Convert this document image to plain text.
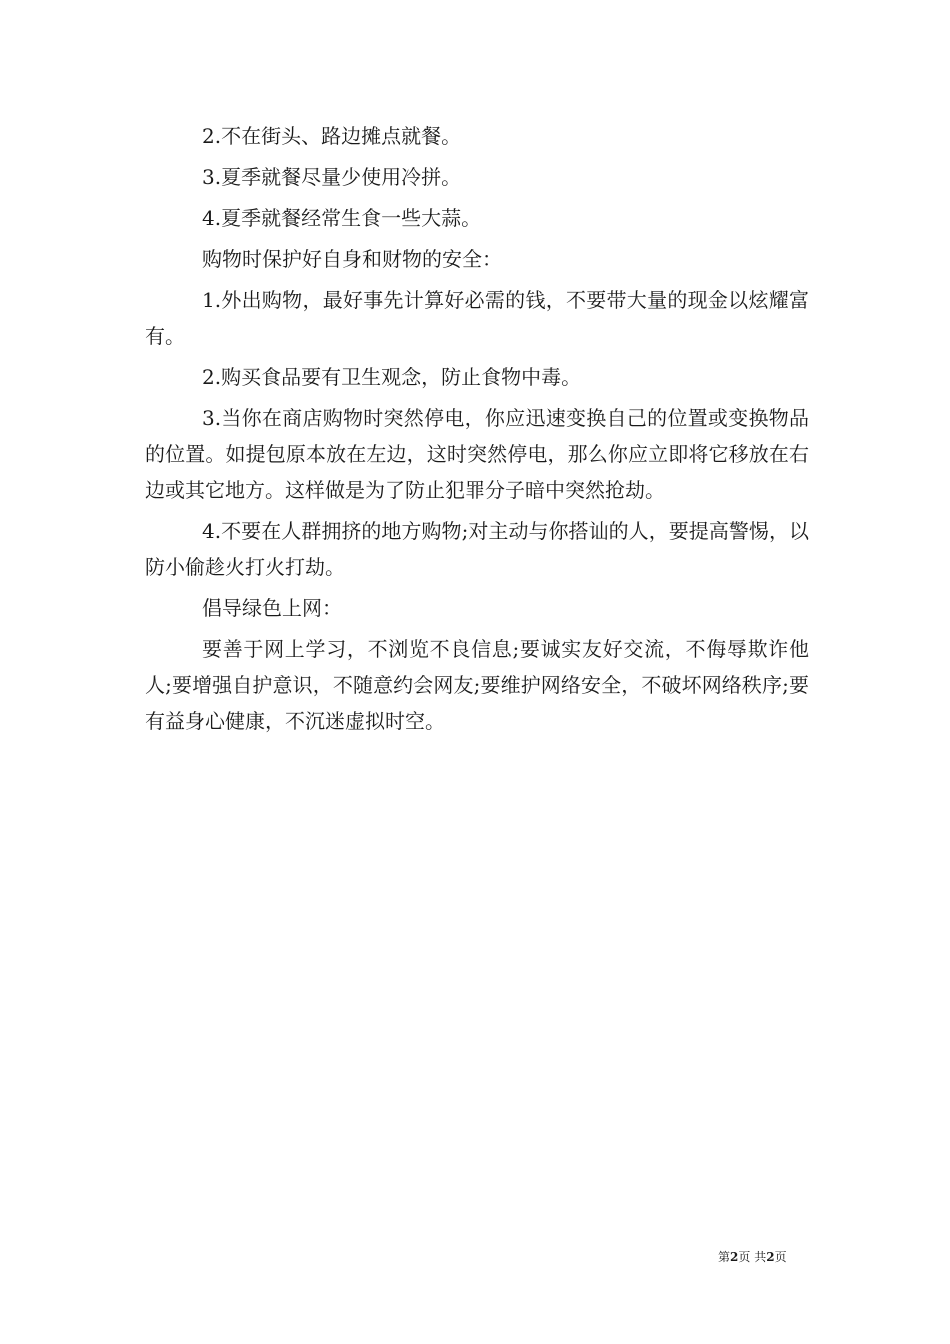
2.不在街头、路边摊点就餐。

3.夏季就餐尽量少使用冷拼。

4.夏季就餐经常生食一些大蒜。

购物时保护好自身和财物的安全：

1.外出购物，最好事先计算好必需的钱，不要带大量的现金以炫耀富有。

2.购买食品要有卫生观念，防止食物中毒。

3.当你在商店购物时突然停电，你应迅速变换自己的位置或变换物品的位置。如提包原本放在左边，这时突然停电，那么你应立即将它移放在右边或其它地方。这样做是为了防止犯罪分子暗中突然抢劫。

4.不要在人群拥挤的地方购物;对主动与你搭讪的人，要提高警惕，以防小偷趁火打火打劫。

倡导绿色上网：

要善于网上学习，不浏览不良信息;要诚实友好交流，不侮辱欺诈他人;要增强自护意识，不随意约会网友;要维护网络安全，不破坏网络秩序;要有益身心健康，不沉迷虚拟时空。

第2页 共2页
